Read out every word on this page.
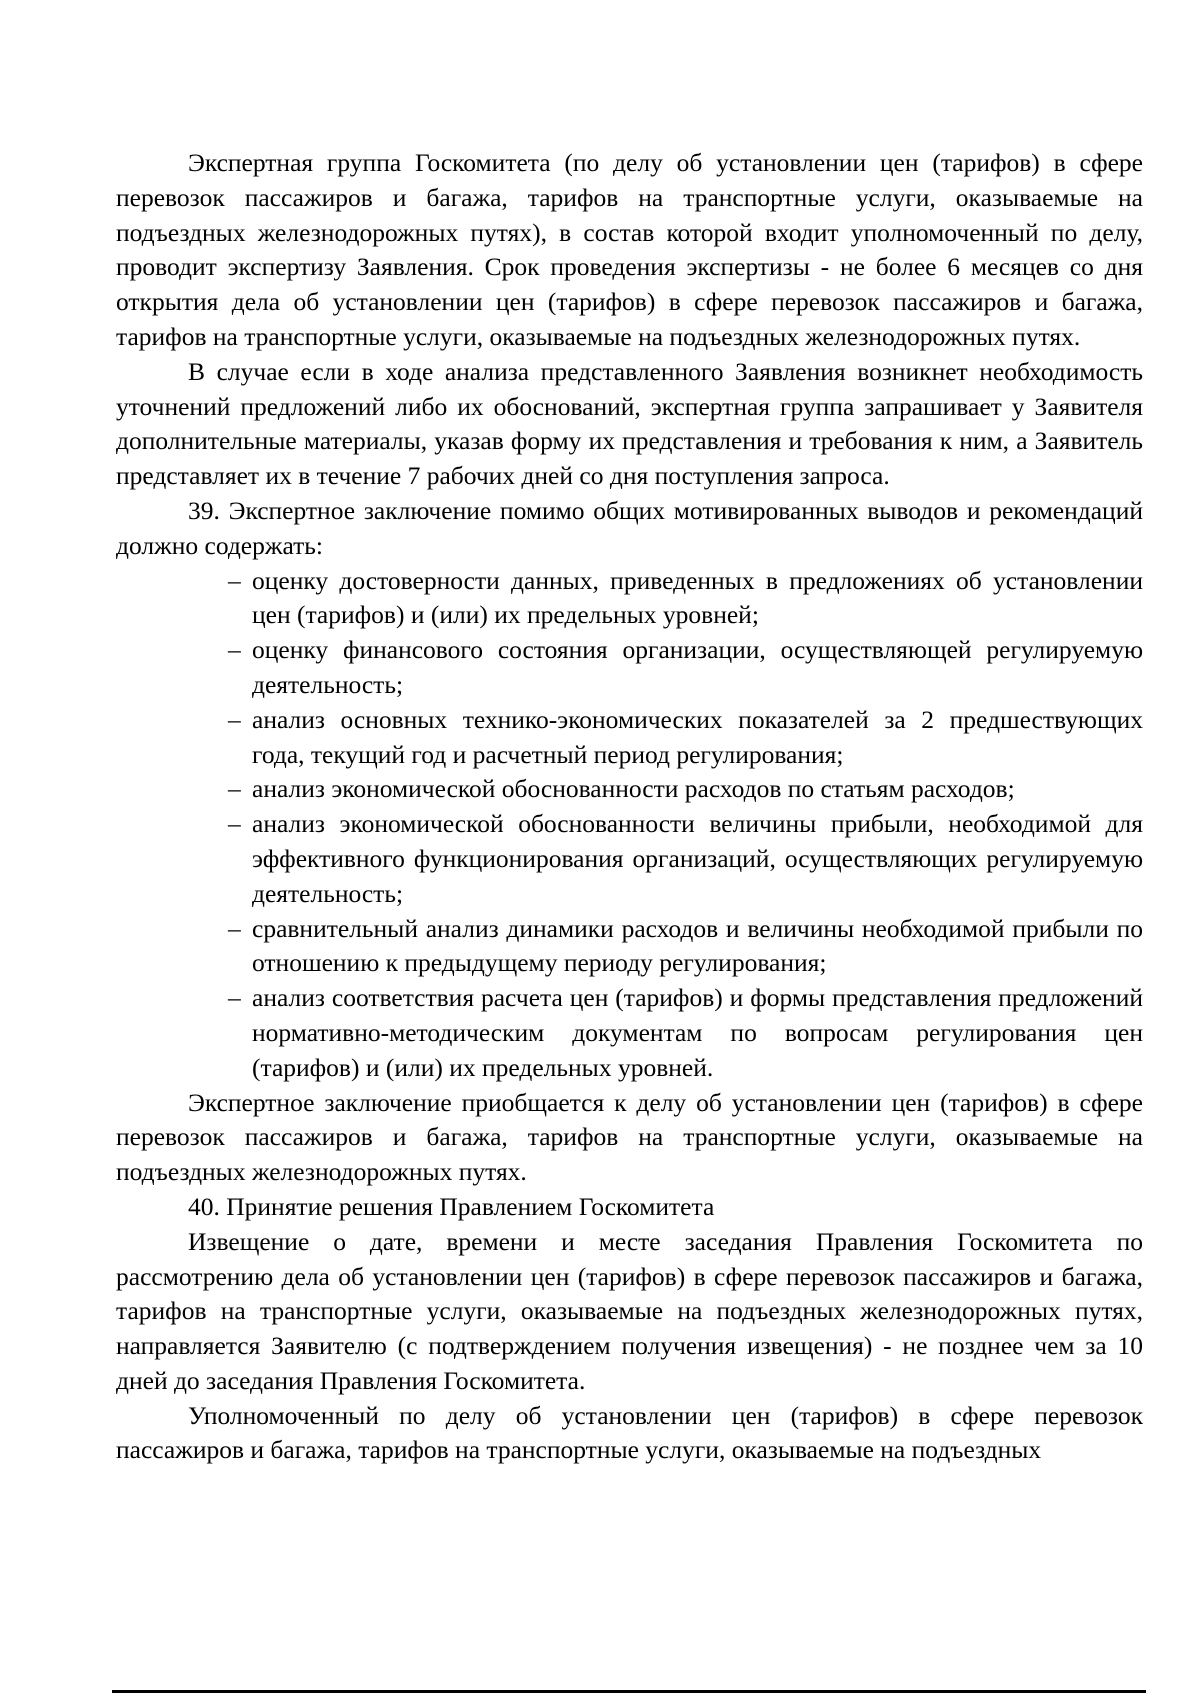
Экспертная группа Госкомитета (по делу об установлении цен (тарифов) в сфере перевозок пассажиров и багажа, тарифов на транспортные услуги, оказываемые на подъездных железнодорожных путях), в состав которой входит уполномоченный по делу, проводит экспертизу Заявления. Срок проведения экспертизы - не более 6 месяцев со дня открытия дела об установлении цен (тарифов) в сфере перевозок пассажиров и багажа, тарифов на транспортные услуги, оказываемые на подъездных железнодорожных путях.

В случае если в ходе анализа представленного Заявления возникнет необходимость уточнений предложений либо их обоснований, экспертная группа запрашивает у Заявителя дополнительные материалы, указав форму их представления и требования к ним, а Заявитель представляет их в течение 7 рабочих дней со дня поступления запроса.

39. Экспертное заключение помимо общих мотивированных выводов и рекомендаций должно содержать:

– оценку достоверности данных, приведенных в предложениях об установлении цен (тарифов) и (или) их предельных уровней;
– оценку финансового состояния организации, осуществляющей регулируемую деятельность;
– анализ основных технико-экономических показателей за 2 предшествующих года, текущий год и расчетный период регулирования;
– анализ экономической обоснованности расходов по статьям расходов;
– анализ экономической обоснованности величины прибыли, необходимой для эффективного функционирования организаций, осуществляющих регулируемую деятельность;
– сравнительный анализ динамики расходов и величины необходимой прибыли по отношению к предыдущему периоду регулирования;
– анализ соответствия расчета цен (тарифов) и формы представления предложений нормативно-методическим документам по вопросам регулирования цен (тарифов) и (или) их предельных уровней.

Экспертное заключение приобщается к делу об установлении цен (тарифов) в сфере перевозок пассажиров и багажа, тарифов на транспортные услуги, оказываемые на подъездных железнодорожных путях.

40. Принятие решения Правлением Госкомитета

Извещение о дате, времени и месте заседания Правления Госкомитета по рассмотрению дела об установлении цен (тарифов) в сфере перевозок пассажиров и багажа, тарифов на транспортные услуги, оказываемые на подъездных железнодорожных путях, направляется Заявителю (с подтверждением получения извещения) - не позднее чем за 10 дней до заседания Правления Госкомитета.

Уполномоченный по делу об установлении цен (тарифов) в сфере перевозок пассажиров и багажа, тарифов на транспортные услуги, оказываемые на подъездных
